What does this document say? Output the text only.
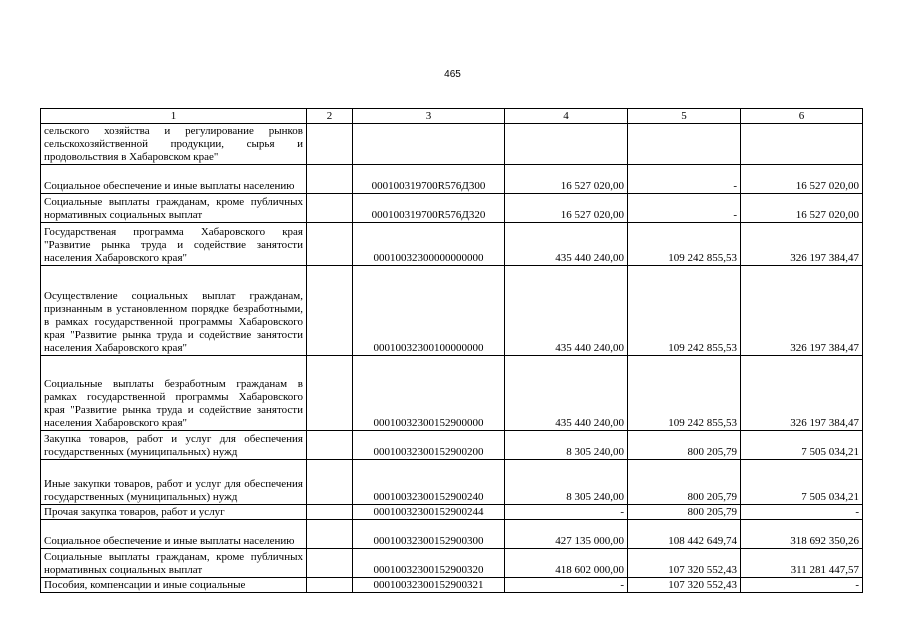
465
1	2	3	4	5	6
сельского хозяйства и регулирование рынков сельскохозяйственной продукции, сырья и продовольствия в Хабаровском крае"					
Социальное обеспечение и иные выплаты населению		000100319700R576Д300	16 527 020,00	-	16 527 020,00
Социальные выплаты гражданам, кроме публичных нормативных социальных выплат		000100319700R576Д320	16 527 020,00	-	16 527 020,00
Государственая программа Хабаровского края "Развитие рынка труда и содействие занятости населения Хабаровского края"		00010032300000000000	435 440 240,00	109 242 855,53	326 197 384,47
Осуществление социальных выплат гражданам, признанным в установленном порядке безработными, в рамках государственной программы Хабаровского края "Развитие рынка труда и содействие занятости населения Хабаровского края"		00010032300100000000	435 440 240,00	109 242 855,53	326 197 384,47
Социальные выплаты безработным гражданам в рамках государственной программы Хабаровского края "Развитие рынка труда и содействие занятости населения Хабаровского края"		00010032300152900000	435 440 240,00	109 242 855,53	326 197 384,47
Закупка товаров, работ и услуг для обеспечения государственных (муниципальных) нужд		00010032300152900200	8 305 240,00	800 205,79	7 505 034,21
Иные закупки товаров, работ и услуг для обеспечения государственных (муниципальных) нужд		00010032300152900240	8 305 240,00	800 205,79	7 505 034,21
Прочая закупка товаров, работ и услуг		00010032300152900244	-	800 205,79	-
Социальное обеспечение и иные выплаты населению		00010032300152900300	427 135 000,00	108 442 649,74	318 692 350,26
Социальные выплаты гражданам, кроме публичных нормативных социальных выплат		00010032300152900320	418 602 000,00	107 320 552,43	311 281 447,57
Пособия, компенсации и иные социальные		00010032300152900321	-	107 320 552,43	-
